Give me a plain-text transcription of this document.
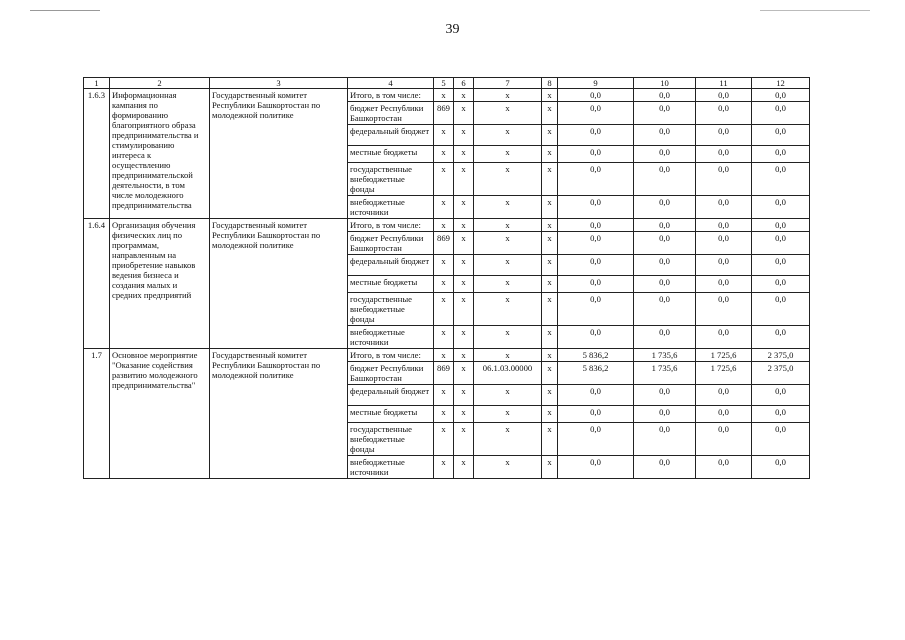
39
1	2	3	4	5	6	7	8	9	10	11	12
1.6.3	Информационная кампания по формированию благоприятного образа предпринимательства и стимулированию интереса к осуществлению предпринимательской деятельности, в том числе молодежного предпринимательства	Государственный комитет Республики Башкортостан по молодежной политике	Итого, в том числе:	х	х	х	х	0,0	0,0	0,0	0,0
			бюджет Республики Башкортостан	869	х	х	х	0,0	0,0	0,0	0,0
			федеральный бюджет	х	х	х	х	0,0	0,0	0,0	0,0
			местные бюджеты	х	х	х	х	0,0	0,0	0,0	0,0
			государственные внебюджетные фонды	х	х	х	х	0,0	0,0	0,0	0,0
			внебюджетные источники	х	х	х	х	0,0	0,0	0,0	0,0
1.6.4	Организация обучения физических лиц по программам, направленным на приобретение навыков ведения бизнеса и создания малых и средних предприятий	Государственный комитет Республики Башкортостан по молодежной политике	Итого, в том числе:	х	х	х	х	0,0	0,0	0,0	0,0
			бюджет Республики Башкортостан	869	х	х	х	0,0	0,0	0,0	0,0
			федеральный бюджет	х	х	х	х	0,0	0,0	0,0	0,0
			местные бюджеты	х	х	х	х	0,0	0,0	0,0	0,0
			государственные внебюджетные фонды	х	х	х	х	0,0	0,0	0,0	0,0
			внебюджетные источники	х	х	х	х	0,0	0,0	0,0	0,0
1.7	Основное мероприятие "Оказание содействия развитию молодежного предпринимательства"	Государственный комитет Республики Башкортостан по молодежной политике	Итого, в том числе:	х	х	х	х	5 836,2	1 735,6	1 725,6	2 375,0
			бюджет Республики Башкортостан	869	х	06.1.03.00000	х	5 836,2	1 735,6	1 725,6	2 375,0
			федеральный бюджет	х	х	х	х	0,0	0,0	0,0	0,0
			местные бюджеты	х	х	х	х	0,0	0,0	0,0	0,0
			государственные внебюджетные фонды	х	х	х	х	0,0	0,0	0,0	0,0
			внебюджетные источники	х	х	х	х	0,0	0,0	0,0	0,0
